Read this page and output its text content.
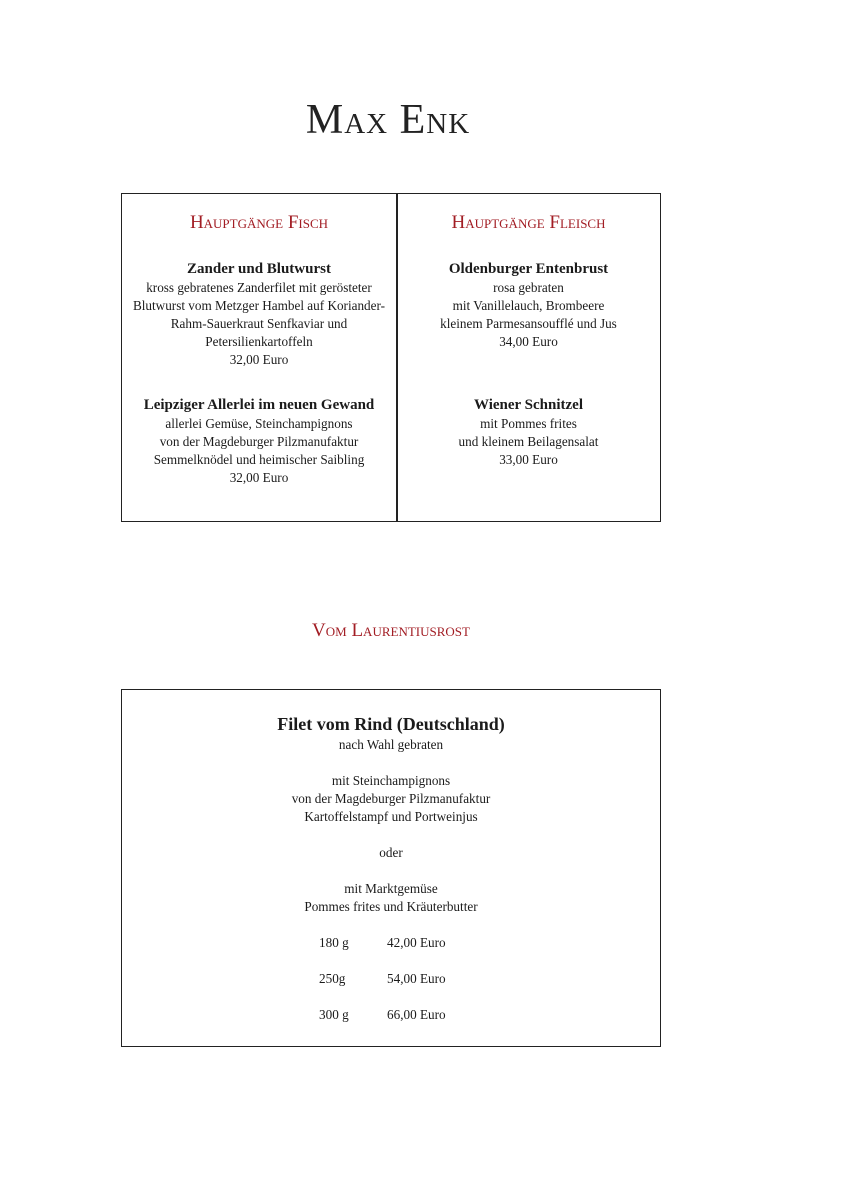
Max Enk
Hauptgänge Fisch
Zander und Blutwurst
kross gebratenes Zanderfilet mit gerösteter
Blutwurst vom Metzger Hambel auf Koriander-
Rahm-Sauerkraut Senfkaviar und
Petersilienkartoffeln
32,00 Euro
Leipziger Allerlei im neuen Gewand
allerlei Gemüse, Steinchampignons
von der Magdeburger Pilzmanufaktur
Semmelknödel und heimischer Saibling
32,00 Euro
Hauptgänge Fleisch
Oldenburger Entenbrust
rosa gebraten
mit Vanillelauch, Brombeere
kleinem Parmesansoufflé und Jus
34,00 Euro
Wiener Schnitzel
mit Pommes frites
und kleinem Beilagensalat
33,00 Euro
Vom Laurentiusrost
Filet vom Rind (Deutschland)
nach Wahl gebraten
mit Steinchampignons
von der Magdeburger Pilzmanufaktur
Kartoffelstampf und Portweinjus
oder
mit Marktgemüse
Pommes frites und Kräuterbutter
180 g	42,00 Euro
250g	54,00 Euro
300 g	66,00 Euro
